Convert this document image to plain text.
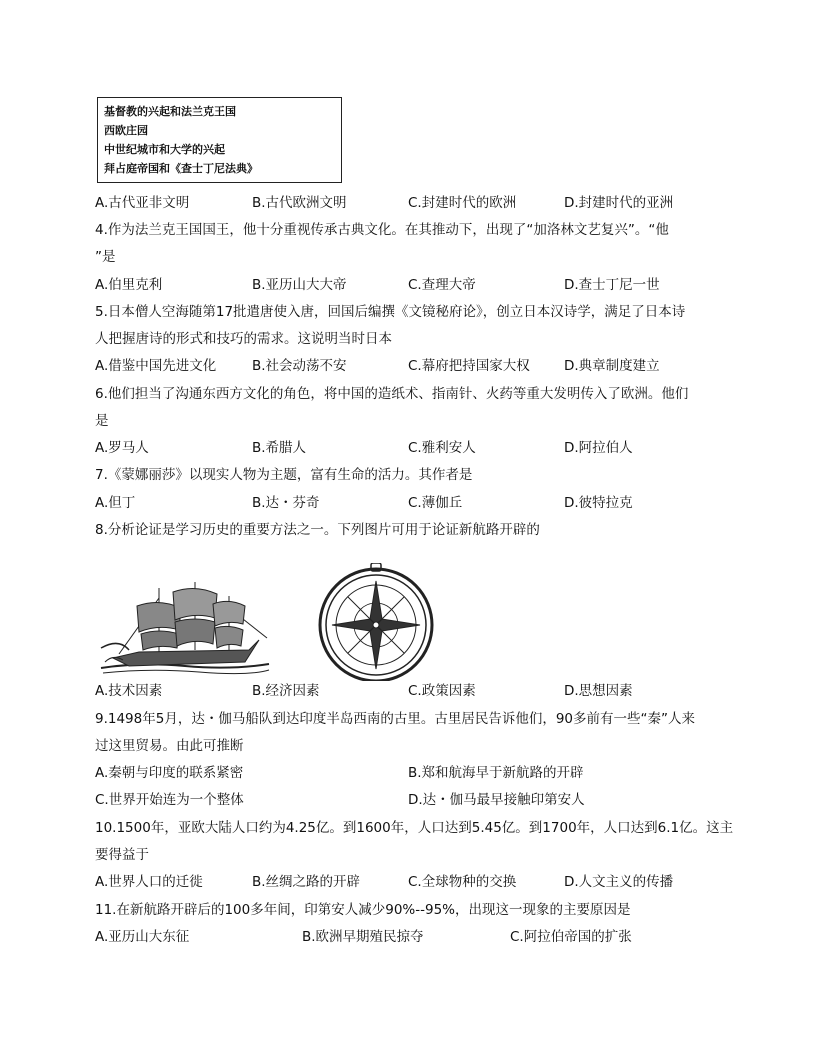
基督教的兴起和法兰克王国
西欧庄园
中世纪城市和大学的兴起
拜占庭帝国和《查士丁尼法典》
A.古代亚非文明	B.古代欧洲文明	C.封建时代的欧洲	D.封建时代的亚洲
4.作为法兰克王国国王，他十分重视传承古典文化。在其推动下，出现了“加洛林文艺复兴”。“他
”是
A.伯里克利	B.亚历山大大帝	C.查理大帝	D.查士丁尼一世
5.日本僧人空海随第17批遣唐使入唐，回国后编撰《文镜秘府论》，创立日本汉诗学，满足了日本诗
人把握唐诗的形式和技巧的需求。这说明当时日本
A.借鉴中国先进文化	B.社会动荡不安	C.幕府把持国家大权	D.典章制度建立
6.他们担当了沟通东西方文化的角色，将中国的造纸术、指南针、火药等重大发明传入了欧洲。他们
是
A.罗马人	B.希腊人	C.雅利安人	D.阿拉伯人
7.《蒙娜丽莎》以现实人物为主题，富有生命的活力。其作者是
A.但丁	B.达・芬奇	C.薄伽丘	D.彼特拉克
8.分析论证是学习历史的重要方法之一。下列图片可用于论证新航路开辟的
A.技术因素	B.经济因素	C.政策因素	D.思想因素
9.1498年5月，达・伽马船队到达印度半岛西南的古里。古里居民告诉他们，90多前有一些“秦”人来
过这里贸易。由此可推断
A.秦朝与印度的联系紧密	B.郑和航海早于新航路的开辟
C.世界开始连为一个整体	D.达・伽马最早接触印第安人
10.1500年，亚欧大陆人口约为4.25亿。到1600年，人口达到5.45亿。到1700年，人口达到6.1亿。这主
要得益于
A.世界人口的迁徙	B.丝绸之路的开辟	C.全球物种的交换	D.人文主义的传播
11.在新航路开辟后的100多年间，印第安人减少90%--95%，出现这一现象的主要原因是
A.亚历山大东征	B.欧洲早期殖民掠夺	C.阿拉伯帝国的扩张
